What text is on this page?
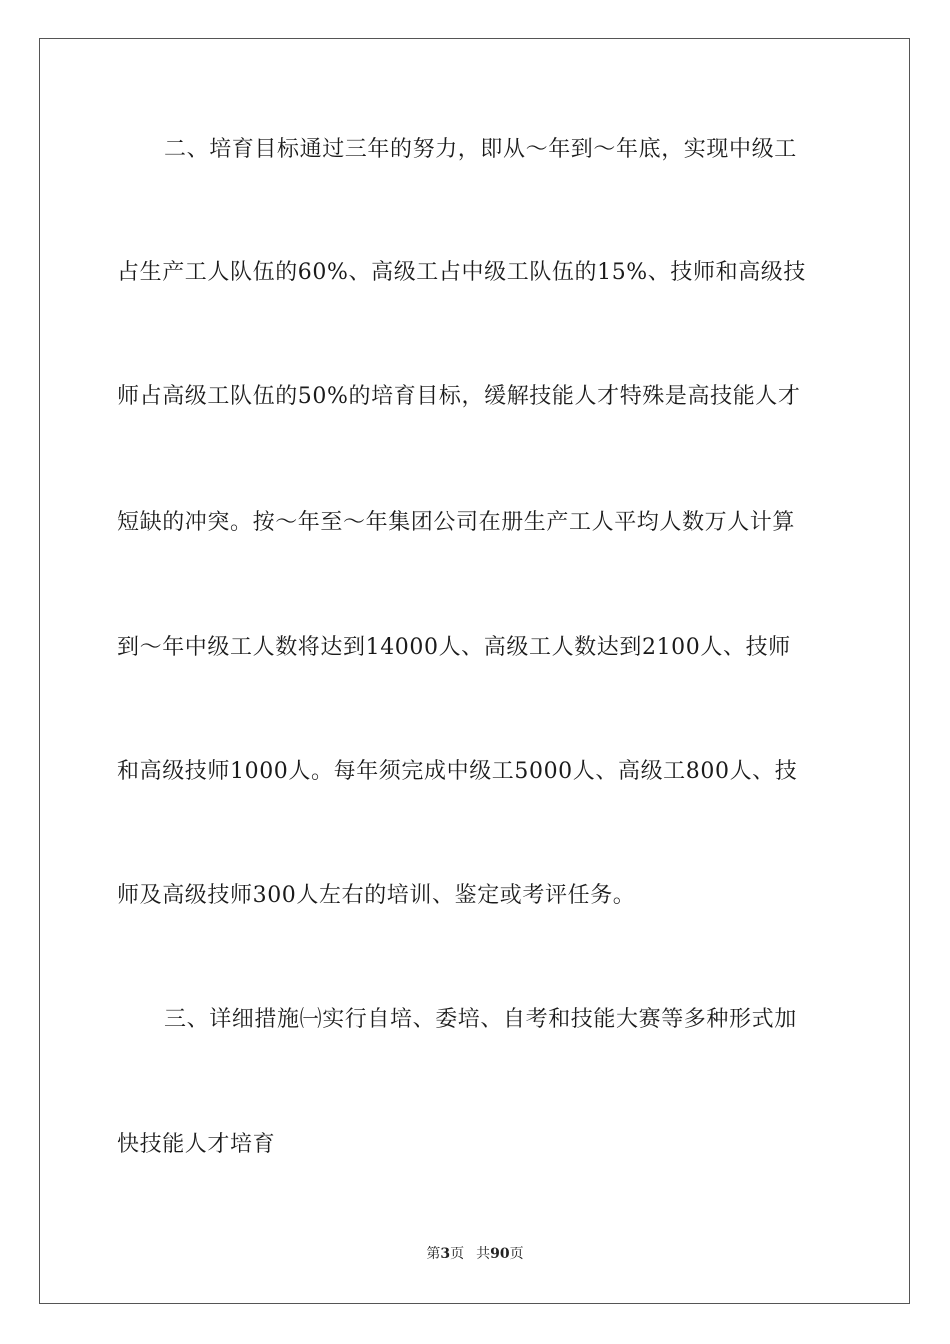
二、培育目标通过三年的努力，即从～年到～年底，实现中级工
占生产工人队伍的60%、高级工占中级工队伍的15%、技师和高级技
师占高级工队伍的50%的培育目标，缓解技能人才特殊是高技能人才
短缺的冲突。按～年至～年集团公司在册生产工人平均人数万人计算
到～年中级工人数将达到14000人、高级工人数达到2100人、技师
和高级技师1000人。每年须完成中级工5000人、高级工800人、技
师及高级技师300人左右的培训、鉴定或考评任务。
三、详细措施㈠实行自培、委培、自考和技能大赛等多种形式加
快技能人才培育
第3页 共90页
